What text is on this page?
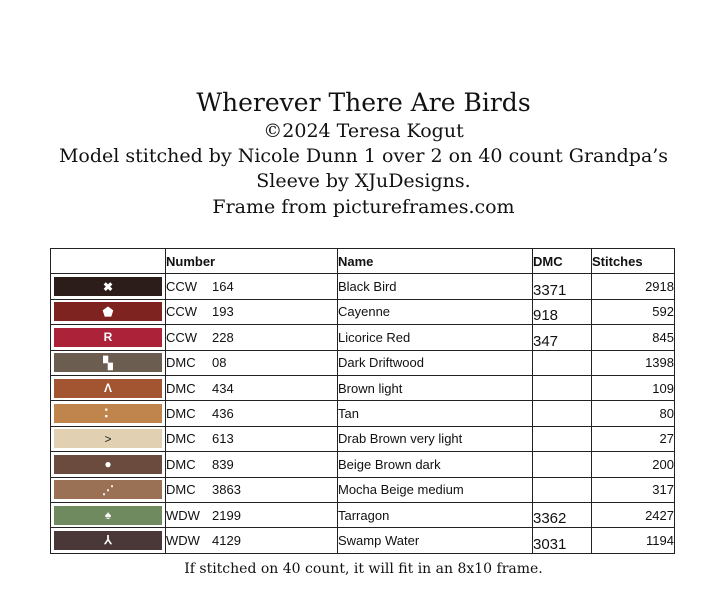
Wherever There Are Birds
©2024 Teresa Kogut
Model stitched by Nicole Dunn 1 over 2 on 40 count Grandpa’s
Sleeve by XJuDesigns.
Frame from pictureframes.com
	Number	Name	DMC	Stitches

✖	CCW 164	Black Bird	3371	2918

⬟	CCW 193	Cayenne	918	592

R	CCW 228	Licorice Red	347	845

▚	DMC 08	Dark Driftwood		1398

Λ	DMC 434	Brown light		109

⠅	DMC 436	Tan		80

>	DMC 613	Drab Brown very light		27

●	DMC 839	Beige Brown dark		200

⋰	DMC 3863	Mocha Beige medium		317

♠	WDW 2199	Tarragon	3362	2427

⅄	WDW 4129	Swamp Water	3031	1194
If stitched on 40 count, it will fit in an 8x10 frame.
